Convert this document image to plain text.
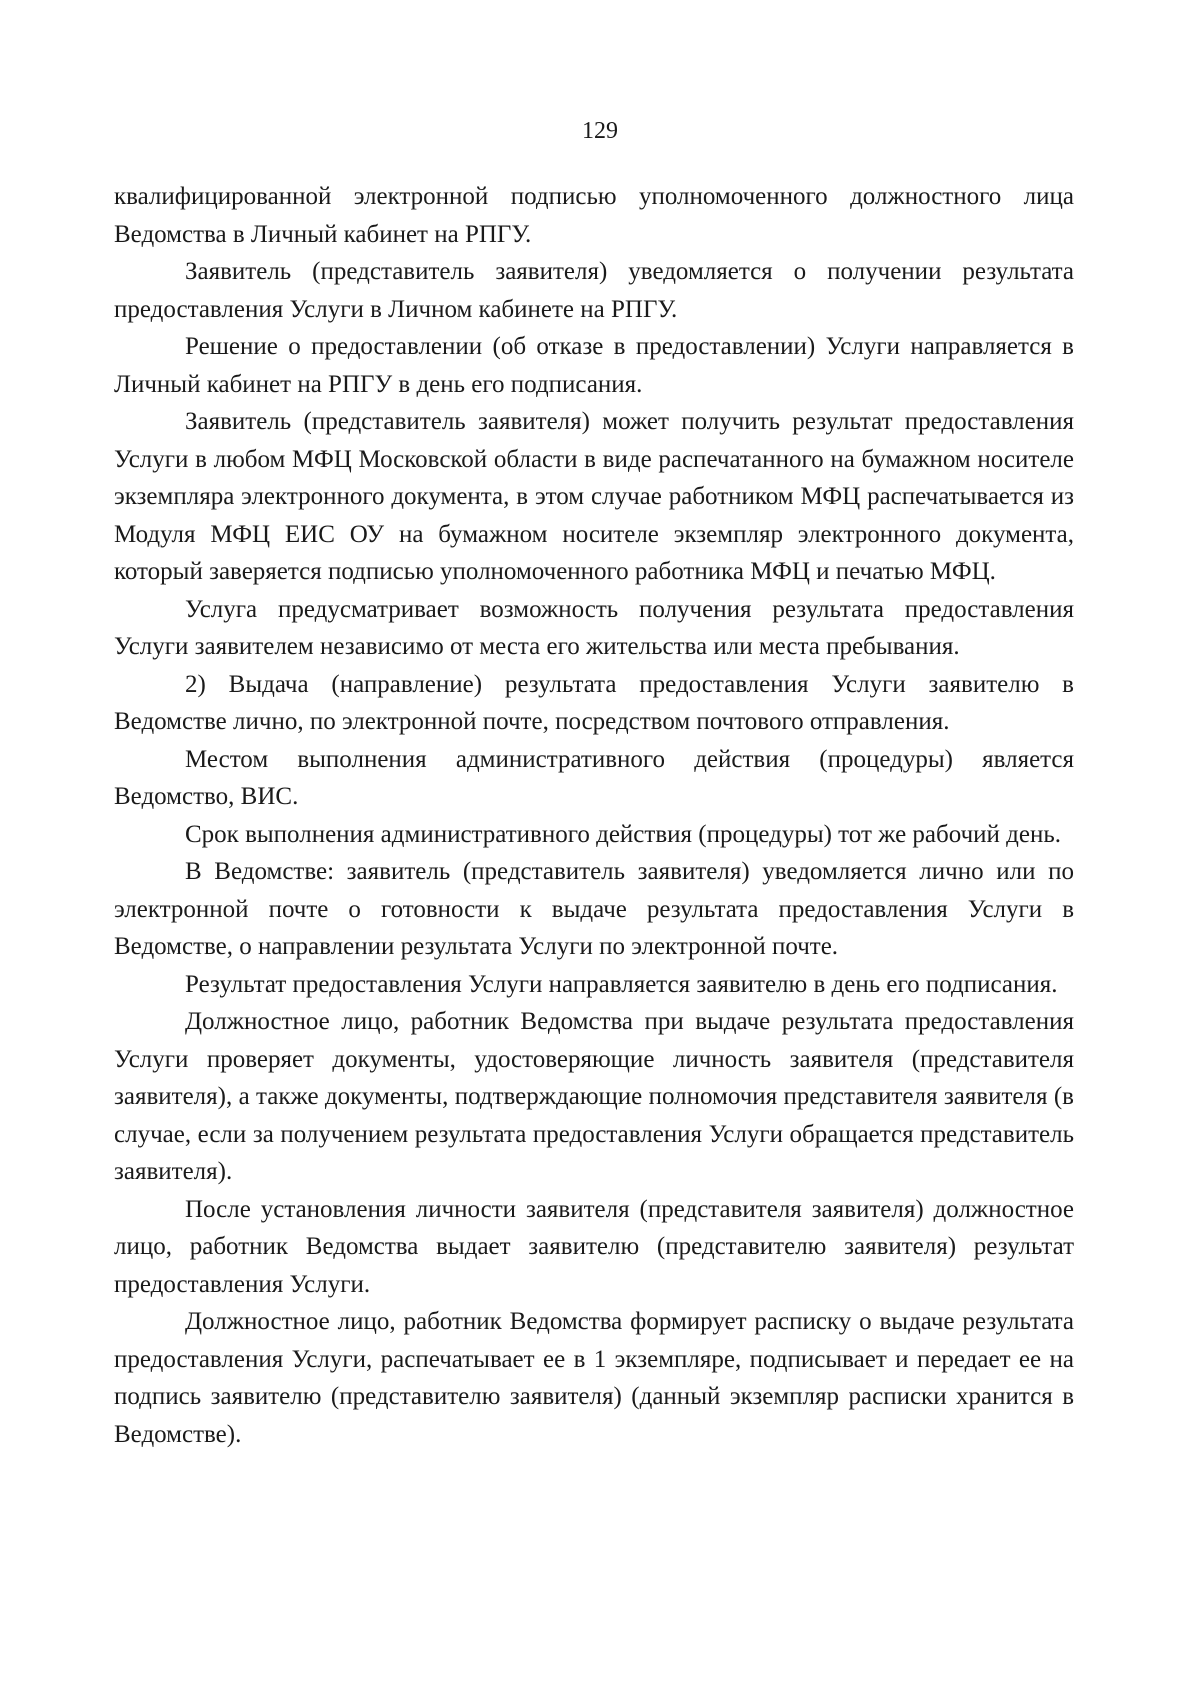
129

квалифицированной электронной подписью уполномоченного должностного лица Ведомства в Личный кабинет на РПГУ.

Заявитель (представитель заявителя) уведомляется о получении результата предоставления Услуги в Личном кабинете на РПГУ.

Решение о предоставлении (об отказе в предоставлении) Услуги направляется в Личный кабинет на РПГУ в день его подписания.

Заявитель (представитель заявителя) может получить результат предоставления Услуги в любом МФЦ Московской области в виде распечатанного на бумажном носителе экземпляра электронного документа, в этом случае работником МФЦ распечатывается из Модуля МФЦ ЕИС ОУ на бумажном носителе экземпляр электронного документа, который заверяется подписью уполномоченного работника МФЦ и печатью МФЦ.

Услуга предусматривает возможность получения результата предоставления Услуги заявителем независимо от места его жительства или места пребывания.

2) Выдача (направление) результата предоставления Услуги заявителю в Ведомстве лично, по электронной почте, посредством почтового отправления.

Местом выполнения административного действия (процедуры) является Ведомство, ВИС.

Срок выполнения административного действия (процедуры) тот же рабочий день.

В Ведомстве: заявитель (представитель заявителя) уведомляется лично или по электронной почте о готовности к выдаче результата предоставления Услуги в Ведомстве, о направлении результата Услуги по электронной почте.

Результат предоставления Услуги направляется заявителю в день его подписания.

Должностное лицо, работник Ведомства при выдаче результата предоставления Услуги проверяет документы, удостоверяющие личность заявителя (представителя заявителя), а также документы, подтверждающие полномочия представителя заявителя (в случае, если за получением результата предоставления Услуги обращается представитель заявителя).

После установления личности заявителя (представителя заявителя) должностное лицо, работник Ведомства выдает заявителю (представителю заявителя) результат предоставления Услуги.

Должностное лицо, работник Ведомства формирует расписку о выдаче результата предоставления Услуги, распечатывает ее в 1 экземпляре, подписывает и передает ее на подпись заявителю (представителю заявителя) (данный экземпляр расписки хранится в Ведомстве).
